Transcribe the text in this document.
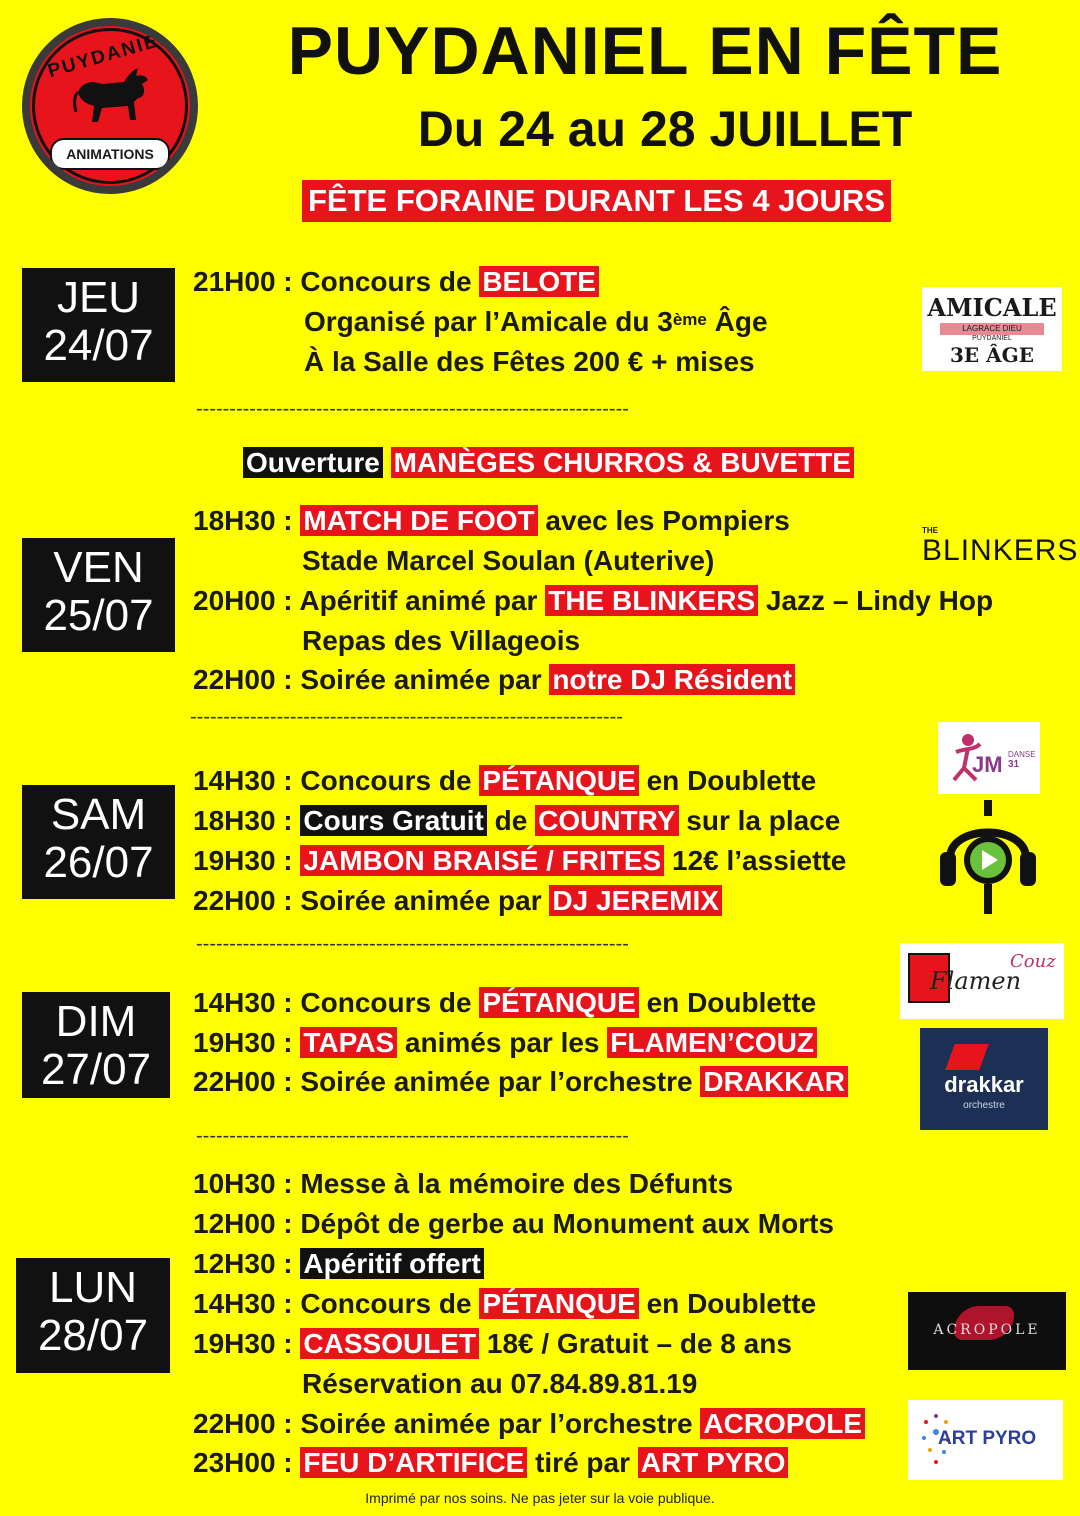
PUYDANIEL
ANIMATIONS
PUYDANIEL EN FÊTE
Du 24 au 28 JUILLET
FÊTE FORAINE DURANT LES 4 JOURS
JEU
24/07
21H00 : Concours de BELOTE
Organisé par l’Amicale du 3ème Âge
À la Salle des Fêtes 200 € + mises
AMICALE
LAGRACE DIEU
PUYDANIEL
3E ÂGE
-----------------------------------------------------------------
Ouverture MANÈGES CHURROS & BUVETTE
VEN
25/07
18H30 : MATCH DE FOOT avec les Pompiers
Stade Marcel Soulan (Auterive)
20H00 : Apéritif animé par THE BLINKERS Jazz – Lindy Hop
Repas des Villageois
22H00 : Soirée animée par notre DJ Résident
THE
BLINKERS
-----------------------------------------------------------------
SAM
26/07
14H30 : Concours de PÉTANQUE en Doublette
18H30 : Cours Gratuit de COUNTRY sur la place
19H30 : JAMBON BRAISÉ / FRITES 12€ l’assiette
22H00 : Soirée animée par DJ JEREMIX
JM DANSE
31
-----------------------------------------------------------------
DIM
27/07
14H30 : Concours de PÉTANQUE en Doublette
19H30 : TAPAS animés par les FLAMEN’COUZ
22H00 : Soirée animée par l’orchestre DRAKKAR
Flamen
Couz
drakkar
orchestre
-----------------------------------------------------------------
LUN
28/07
10H30 : Messe à la mémoire des Défunts
12H00 : Dépôt de gerbe au Monument aux Morts
12H30 : Apéritif offert
14H30 : Concours de PÉTANQUE en Doublette
19H30 : CASSOULET 18€ / Gratuit – de 8 ans
Réservation au 07.84.89.81.19
22H00 : Soirée animée par l’orchestre ACROPOLE
23H00 : FEU D’ARTIFICE tiré par ART PYRO
ACROPOLE
ART PYRO
Imprimé par nos soins. Ne pas jeter sur la voie publique.
